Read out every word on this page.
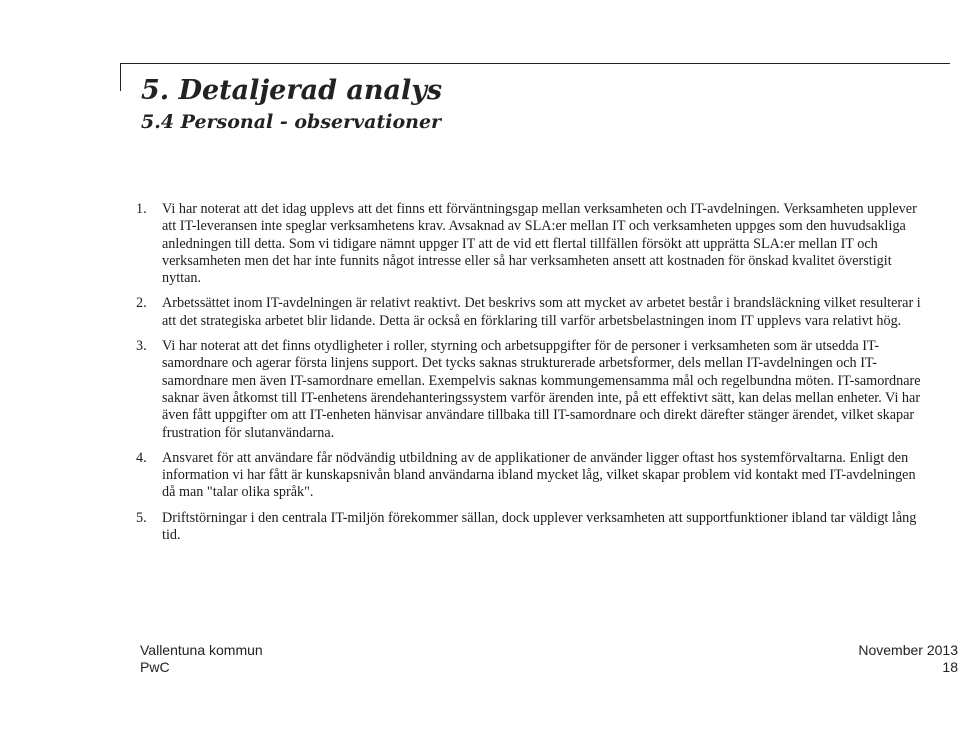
5. Detaljerad analys
5.4 Personal - observationer
1. Vi har noterat att det idag upplevs att det finns ett förväntningsgap mellan verksamheten och IT-avdelningen. Verksamheten upplever att IT-leveransen inte speglar verksamhetens krav. Avsaknad av SLA:er mellan IT och verksamheten uppges som den huvudsakliga anledningen till detta. Som vi tidigare nämnt uppger IT att de vid ett flertal tillfällen försökt att upprätta SLA:er mellan IT och verksamheten men det har inte funnits något intresse eller så har verksamheten ansett att kostnaden för önskad kvalitet överstigit nyttan.
2. Arbetssättet inom IT-avdelningen är relativt reaktivt. Det beskrivs som att mycket av arbetet består i brandsläckning vilket resulterar i att det strategiska arbetet blir lidande. Detta är också en förklaring till varför arbetsbelastningen inom IT upplevs vara relativt hög.
3. Vi har noterat att det finns otydligheter i roller, styrning och arbetsuppgifter för de personer i verksamheten som är utsedda IT-samordnare och agerar första linjens support. Det tycks saknas strukturerade arbetsformer, dels mellan IT-avdelningen och IT-samordnare men även IT-samordnare emellan. Exempelvis saknas kommungemensamma mål och regelbundna möten. IT-samordnare saknar även åtkomst till IT-enhetens ärendehanteringssystem varför ärenden inte, på ett effektivt sätt, kan delas mellan enheter. Vi har även fått uppgifter om att IT-enheten hänvisar användare tillbaka till IT-samordnare och direkt därefter stänger ärendet, vilket skapar frustration för slutanvändarna.
4. Ansvaret för att användare får nödvändig utbildning av de applikationer de använder ligger oftast hos systemförvaltarna. Enligt den information vi har fått är kunskapsnivån bland användarna ibland mycket låg, vilket skapar problem vid kontakt med IT-avdelningen då man "talar olika språk".
5. Driftstörningar i den centrala IT-miljön förekommer sällan, dock upplever verksamheten att supportfunktioner ibland tar väldigt lång tid.
Vallentuna kommun
PwC
November 2013
18
